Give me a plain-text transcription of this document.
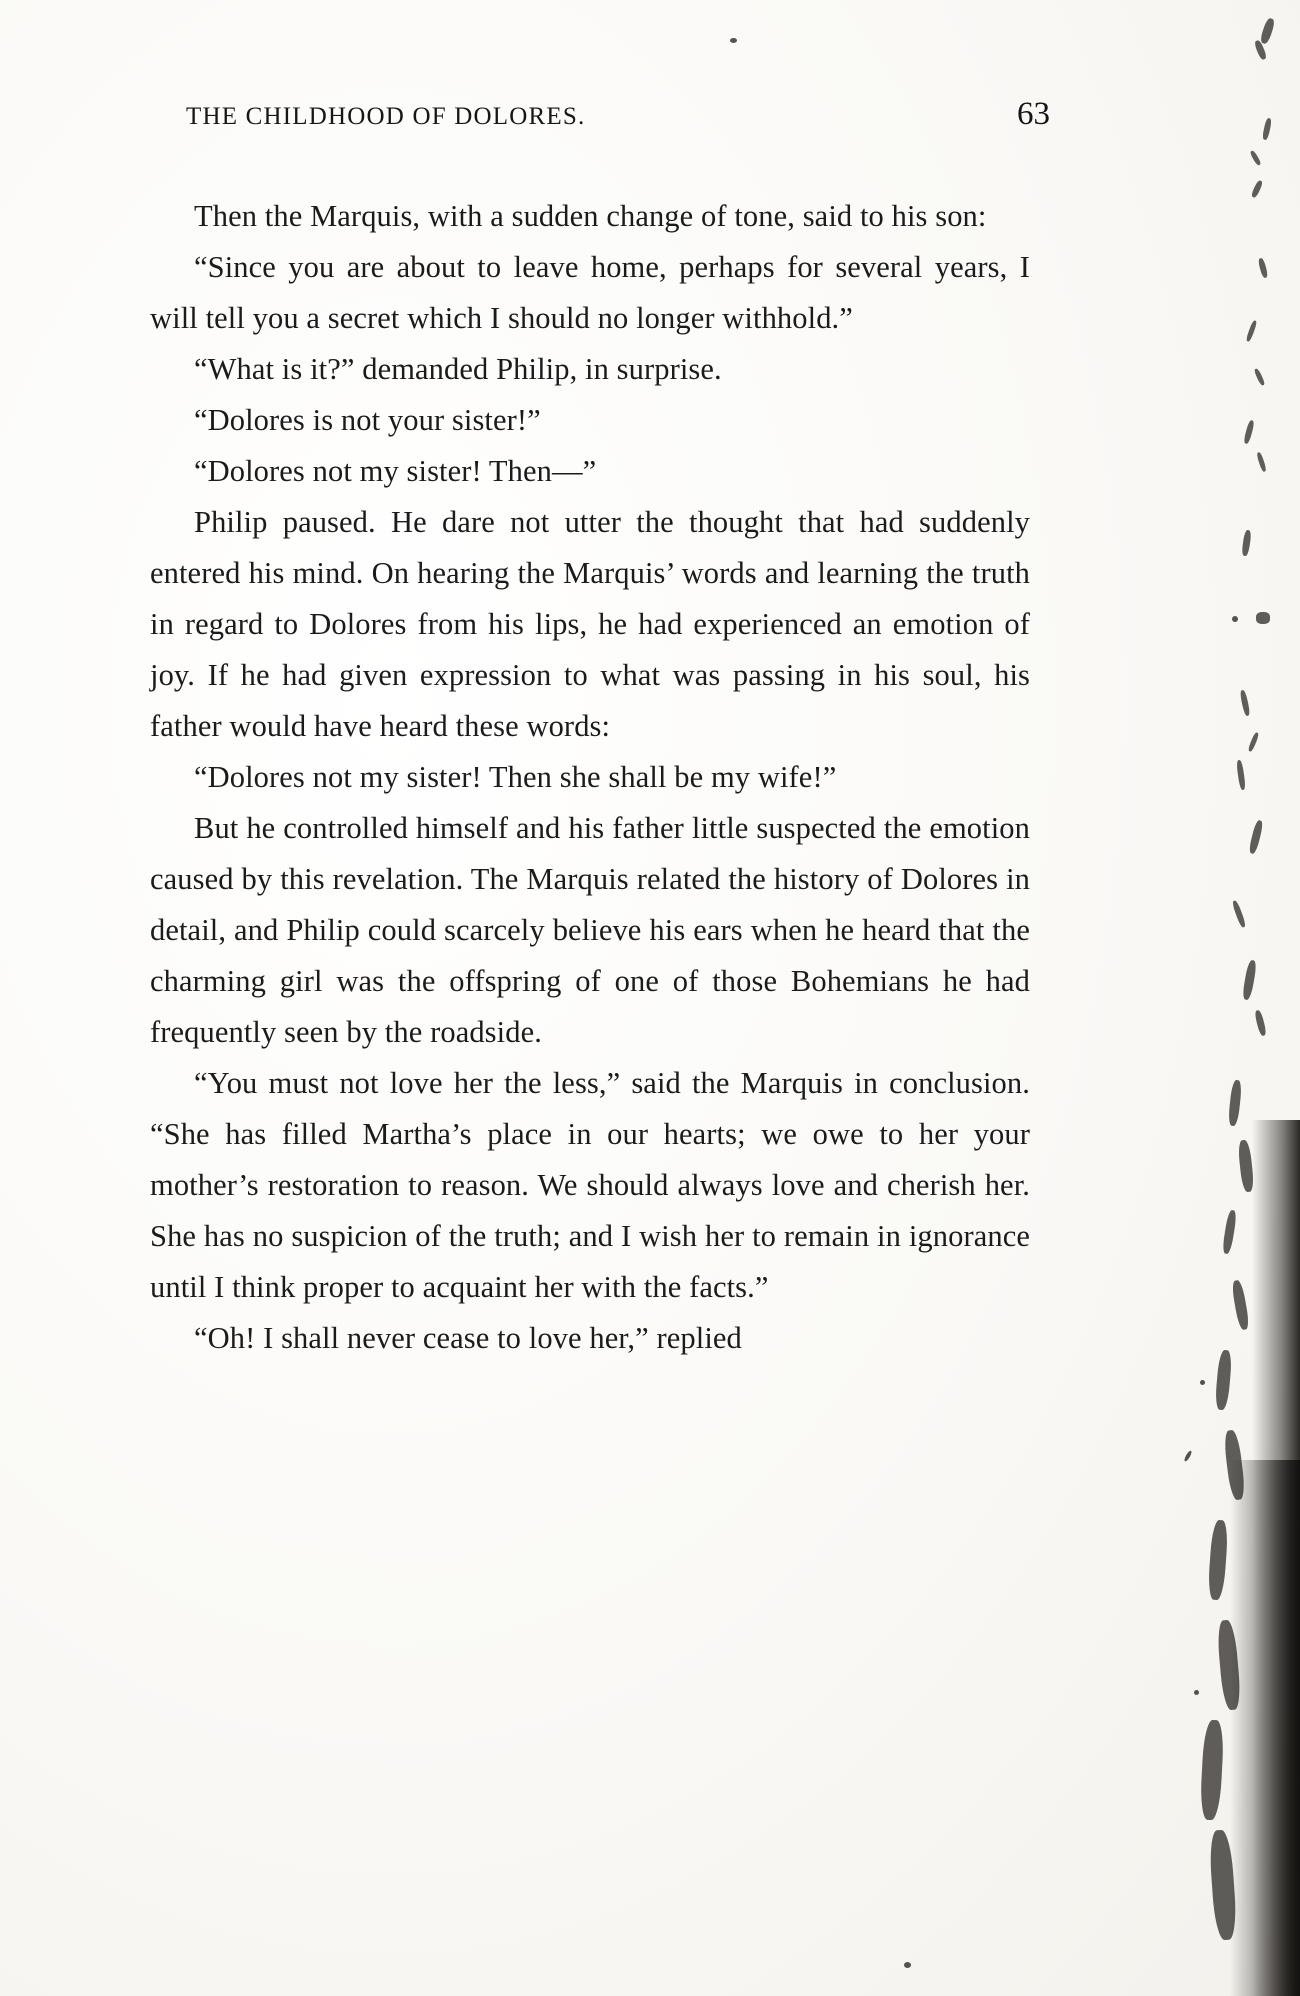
THE CHILDHOOD OF DOLORES.	63

Then the Marquis, with a sudden change of tone, said to his son:

“Since you are about to leave home, perhaps for several years, I will tell you a secret which I should no longer withhold.”

“What is it?” demanded Philip, in surprise.

“Dolores is not your sister!”

“Dolores not my sister! Then—”

Philip paused. He dare not utter the thought that had suddenly entered his mind. On hearing the Marquis’ words and learning the truth in regard to Dolores from his lips, he had experienced an emotion of joy. If he had given expression to what was passing in his soul, his father would have heard these words:

“Dolores not my sister! Then she shall be my wife!”

But he controlled himself and his father little suspected the emotion caused by this revelation. The Marquis related the history of Dolores in detail, and Philip could scarcely believe his ears when he heard that the charming girl was the offspring of one of those Bohemians he had frequently seen by the roadside.

“You must not love her the less,” said the Marquis in conclusion. “She has filled Martha’s place in our hearts; we owe to her your mother’s restoration to reason. We should always love and cherish her. She has no suspicion of the truth; and I wish her to remain in ignorance until I think proper to acquaint her with the facts.”

“Oh! I shall never cease to love her,” replied
